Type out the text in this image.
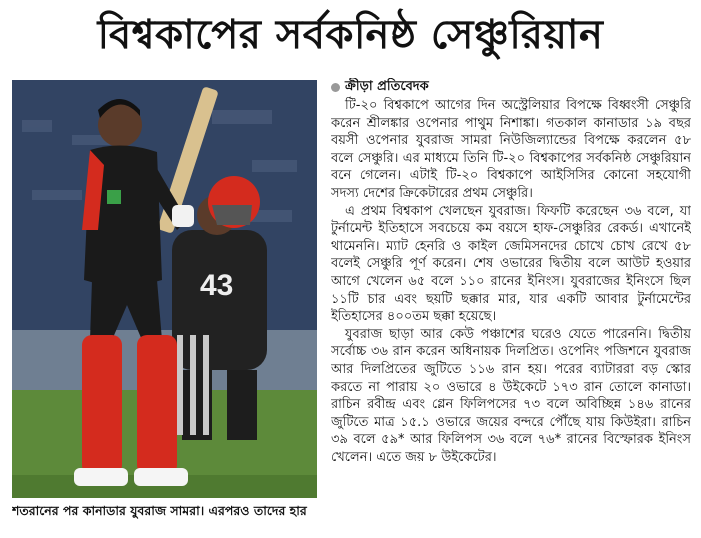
বিশ্বকাপের সর্বকনিষ্ঠ সেঞ্চুরিয়ান
43
শতরানের পর কানাডার যুবরাজ সামরা। এরপরও তাদের হার
ক্রীড়া প্রতিবেদক

টি-২০ বিশ্বকাপে আগের দিন অস্ট্রেলিয়ার বিপক্ষে বিধ্বংসী সেঞ্চুরি করেন শ্রীলঙ্কার ওপেনার পাথুম নিশাঙ্কা। গতকাল কানাডার ১৯ বছর বয়সী ওপেনার যুবরাজ সামরা নিউজিল্যান্ডের বিপক্ষে করলেন ৫৮ বলে সেঞ্চুরি। এর মাধ্যমে তিনি টি-২০ বিশ্বকাপের সর্বকনিষ্ঠ সেঞ্চুরিয়ান বনে গেলেন। এটাই টি-২০ বিশ্বকাপে আইসিসির কোনো সহযোগী সদস্য দেশের ক্রিকেটারের প্রথম সেঞ্চুরি।

এ প্রথম বিশ্বকাপ খেলছেন যুবরাজ। ফিফটি করেছেন ৩৬ বলে, যা টুর্নামেন্ট ইতিহাসে সবচেয়ে কম বয়সে হাফ-সেঞ্চুরির রেকর্ড। এখানেই থামেননি। ম্যাট হেনরি ও কাইল জেমিসনদের চোখে চোখ রেখে ৫৮ বলেই সেঞ্চুরি পূর্ণ করেন। শেষ ওভারের দ্বিতীয় বলে আউট হওয়ার আগে খেলেন ৬৫ বলে ১১০ রানের ইনিংস। যুবরাজের ইনিংসে ছিল ১১টি চার এবং ছয়টি ছক্কার মার, যার একটি আবার টুর্নামেন্টের ইতিহাসের ৪০০তম ছক্কা হয়েছে।

যুবরাজ ছাড়া আর কেউ পঞ্চাশের ঘরেও যেতে পারেননি। দ্বিতীয় সর্বোচ্চ ৩৬ রান করেন অধিনায়ক দিলপ্রিত। ওপেনিং পজিশনে যুবরাজ আর দিলপ্রিতের জুটিতে ১১৬ রান হয়। পরের ব্যাটাররা বড় স্কোর করতে না পারায় ২০ ওভারে ৪ উইকেটে ১৭৩ রান তোলে কানাডা। রাচিন রবীন্দ্র এবং গ্লেন ফিলিপসের ৭৩ বলে অবিচ্ছিন্ন ১৪৬ রানের জুটিতে মাত্র ১৫.১ ওভারে জয়ের বন্দরে পৌঁছে যায় কিউইরা। রাচিন ৩৯ বলে ৫৯* আর ফিলিপস ৩৬ বলে ৭৬* রানের বিস্ফোরক ইনিংস খেলেন। এতে জয় ৮ উইকেটের।
